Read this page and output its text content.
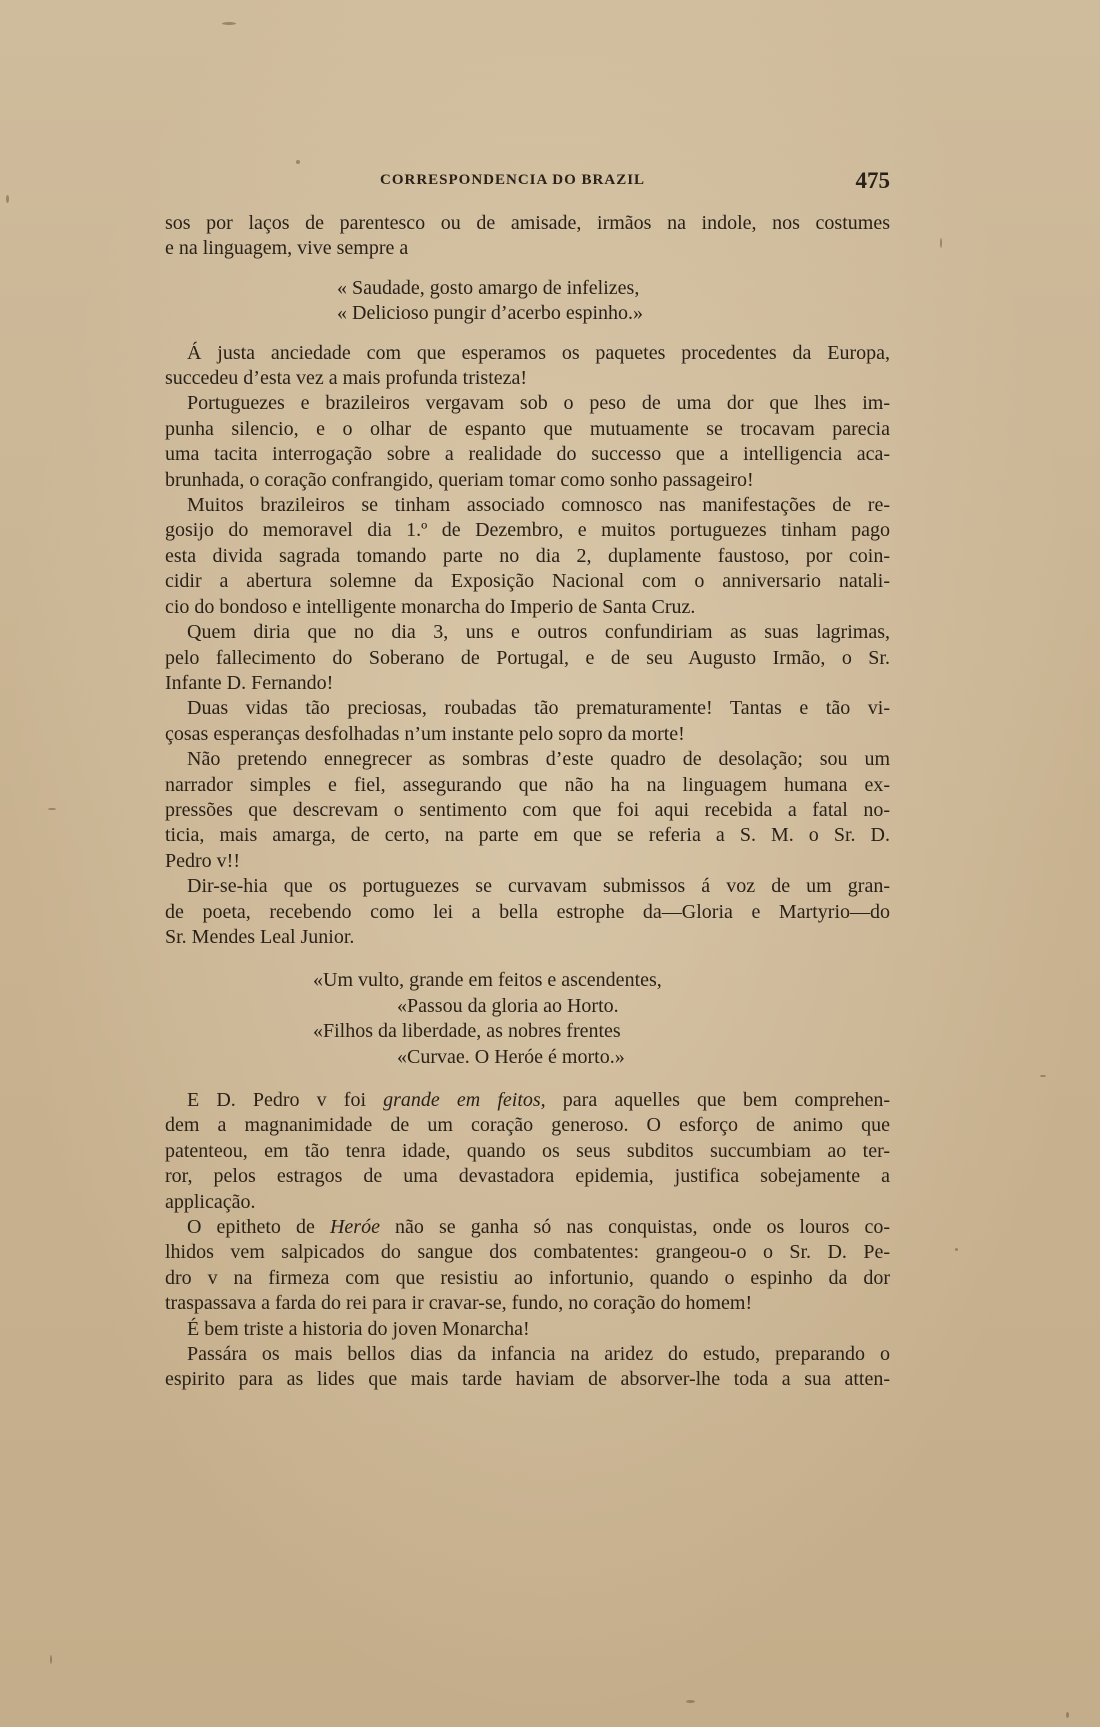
CORRESPONDENCIA DO BRAZIL	475
sos por laços de parentesco ou de amisade, irmãos na indole, nos costumes
e na linguagem, vive sempre a
« Saudade, gosto amargo de infelizes,
« Delicioso pungir d’acerbo espinho.»
Á justa anciedade com que esperamos os paquetes procedentes da Europa,
succedeu d’esta vez a mais profunda tristeza!
Portuguezes e brazileiros vergavam sob o peso de uma dor que lhes im-
punha silencio, e o olhar de espanto que mutuamente se trocavam parecia
uma tacita interrogação sobre a realidade do successo que a intelligencia aca-
brunhada, o coração confrangido, queriam tomar como sonho passageiro!
Muitos brazileiros se tinham associado comnosco nas manifestações de re-
gosijo do memoravel dia 1.º de Dezembro, e muitos portuguezes tinham pago
esta divida sagrada tomando parte no dia 2, duplamente faustoso, por coin-
cidir a abertura solemne da Exposição Nacional com o anniversario natali-
cio do bondoso e intelligente monarcha do Imperio de Santa Cruz.
Quem diria que no dia 3, uns e outros confundiriam as suas lagrimas,
pelo fallecimento do Soberano de Portugal, e de seu Augusto Irmão, o Sr.
Infante D. Fernando!
Duas vidas tão preciosas, roubadas tão prematuramente! Tantas e tão vi-
çosas esperanças desfolhadas n’um instante pelo sopro da morte!
Não pretendo ennegrecer as sombras d’este quadro de desolação; sou um
narrador simples e fiel, assegurando que não ha na linguagem humana ex-
pressões que descrevam o sentimento com que foi aqui recebida a fatal no-
ticia, mais amarga, de certo, na parte em que se referia a S. M. o Sr. D.
Pedro v!!
Dir-se-hia que os portuguezes se curvavam submissos á voz de um gran-
de poeta, recebendo como lei a bella estrophe da—Gloria e Martyrio—do
Sr. Mendes Leal Junior.
«Um vulto, grande em feitos e ascendentes,
«Passou da gloria ao Horto.
«Filhos da liberdade, as nobres frentes
«Curvae. O Heróe é morto.»
E D. Pedro v foi grande em feitos, para aquelles que bem comprehen-
dem a magnanimidade de um coração generoso. O esforço de animo que
patenteou, em tão tenra idade, quando os seus subditos succumbiam ao ter-
ror, pelos estragos de uma devastadora epidemia, justifica sobejamente a
applicação.
O epitheto de Heróe não se ganha só nas conquistas, onde os louros co-
lhidos vem salpicados do sangue dos combatentes: grangeou-o o Sr. D. Pe-
dro v na firmeza com que resistiu ao infortunio, quando o espinho da dor
traspassava a farda do rei para ir cravar-se, fundo, no coração do homem!
É bem triste a historia do joven Monarcha!
Passára os mais bellos dias da infancia na aridez do estudo, preparando o
espirito para as lides que mais tarde haviam de absorver-lhe toda a sua atten-
